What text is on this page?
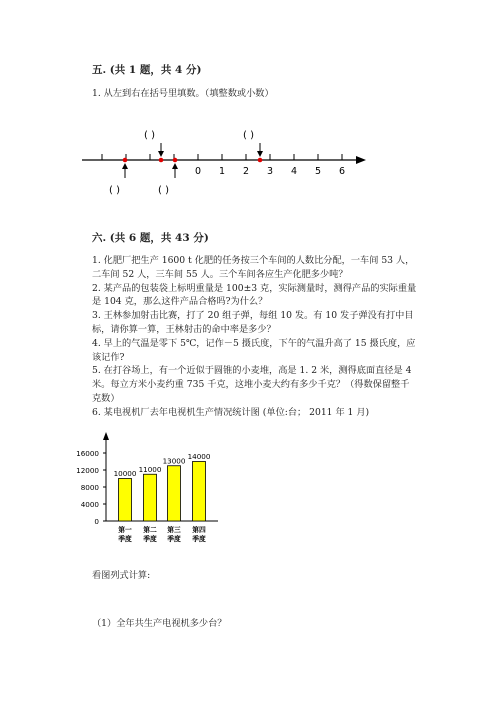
五. (共 1 题，共 4 分)
1. 从左到右在括号里填数。（填整数或小数）
0 1 2 3 4 5 6
( )	( )
( )	( )
六. (共 6 题，共 43 分)
1. 化肥厂把生产 1600 t 化肥的任务按三个车间的人数比分配，一车间 53 人，
二车间 52 人，三车间 55 人。三个车间各应生产化肥多少吨？
2. 某产品的包装袋上标明重量是 100±3 克，实际测量时，测得产品的实际重量
是 104 克，那么这件产品合格吗?为什么？
3. 王林参加射击比赛，打了 20 组子弹，每组 10 发。有 10 发子弹没有打中目
标，请你算一算，王林射击的命中率是多少？
4. 早上的气温是零下 5℃，记作－5 摄氏度，下午的气温升高了 15 摄氏度，应
该记作?
5. 在打谷场上，有一个近似于圆锥的小麦堆，高是 1. 2 米，测得底面直径是 4
米。每立方米小麦约重 735 千克，这堆小麦大约有多少千克？（得数保留整千
克数）
6. 某电视机厂去年电视机生产情况统计图 (单位:台； 2011 年 1 月)
0
4000
8000
12000
16000
10000
第一
季度
11000
第二
季度
13000
第三
季度
14000
第四
季度
看图列式计算:
（1）全年共生产电视机多少台？
